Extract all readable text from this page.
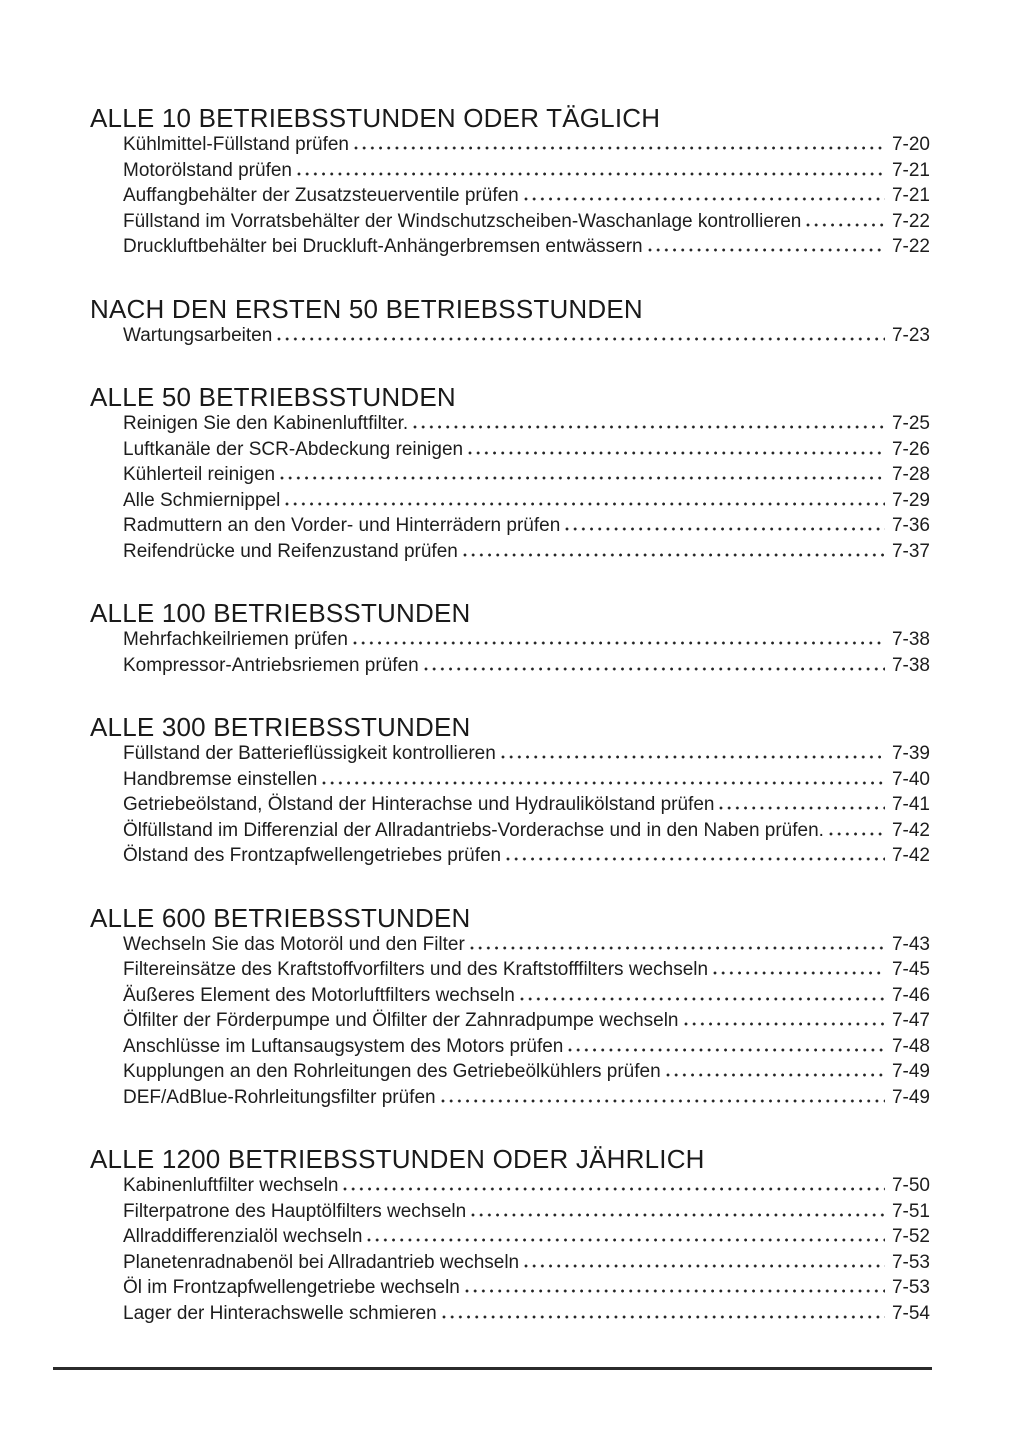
ALLE 10 BETRIEBSSTUNDEN ODER TÄGLICH
Kühlmittel-Füllstand prüfen	7-20
Motorölstand prüfen	7-21
Auffangbehälter der Zusatzsteuerventile prüfen	7-21
Füllstand im Vorratsbehälter der Windschutzscheiben-Waschanlage kontrollieren	7-22
Druckluftbehälter bei Druckluft-Anhängerbremsen entwässern	7-22
NACH DEN ERSTEN 50 BETRIEBSSTUNDEN
Wartungsarbeiten	7-23
ALLE 50 BETRIEBSSTUNDEN
Reinigen Sie den Kabinenluftfilter.	7-25
Luftkanäle der SCR-Abdeckung reinigen	7-26
Kühlerteil reinigen	7-28
Alle Schmiernippel	7-29
Radmuttern an den Vorder- und Hinterrädern prüfen	7-36
Reifendrücke und Reifenzustand prüfen	7-37
ALLE 100 BETRIEBSSTUNDEN
Mehrfachkeilriemen prüfen	7-38
Kompressor-Antriebsriemen prüfen	7-38
ALLE 300 BETRIEBSSTUNDEN
Füllstand der Batterieflüssigkeit kontrollieren	7-39
Handbremse einstellen	7-40
Getriebeölstand, Ölstand der Hinterachse und Hydraulikölstand prüfen	7-41
Ölfüllstand im Differenzial der Allradantriebs-Vorderachse und in den Naben prüfen.	7-42
Ölstand des Frontzapfwellengetriebes prüfen	7-42
ALLE 600 BETRIEBSSTUNDEN
Wechseln Sie das Motoröl und den Filter	7-43
Filtereinsätze des Kraftstoffvorfilters und des Kraftstofffilters wechseln	7-45
Äußeres Element des Motorluftfilters wechseln	7-46
Ölfilter der Förderpumpe und Ölfilter der Zahnradpumpe wechseln	7-47
Anschlüsse im Luftansaugsystem des Motors prüfen	7-48
Kupplungen an den Rohrleitungen des Getriebeölkühlers prüfen	7-49
DEF/AdBlue-Rohrleitungsfilter prüfen	7-49
ALLE 1200 BETRIEBSSTUNDEN ODER JÄHRLICH
Kabinenluftfilter wechseln	7-50
Filterpatrone des Hauptölfilters wechseln	7-51
Allraddifferenzialöl wechseln	7-52
Planetenradnabenöl bei Allradantrieb wechseln	7-53
Öl im Frontzapfwellengetriebe wechseln	7-53
Lager der Hinterachswelle schmieren	7-54
